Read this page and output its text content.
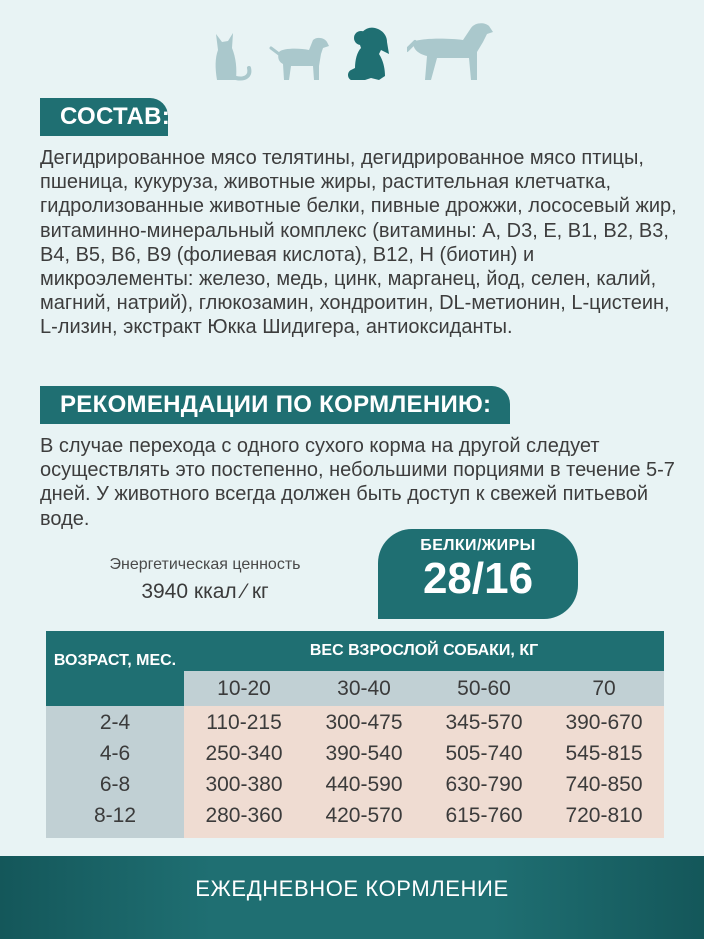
СОСТАВ:
Дегидрированное мясо телятины, дегидрированное мясо птицы, пшеница, кукуруза, животные жиры, растительная клетчатка, гидролизованные животные белки, пивные дрожжи, лососевый жир, витаминно-минеральный комплекс (витамины: А, D3, Е, В1, В2, В3, В4, В5, В6, В9 (фолиевая кислота), В12, Н (биотин) и микроэлементы: железо, медь, цинк, марганец, йод, селен, калий, магний, натрий), глюкозамин, хондроитин, DL-метионин, L-цистеин, L-лизин, экстракт Юкка Шидигера, антиоксиданты.
РЕКОМЕНДАЦИИ ПО КОРМЛЕНИЮ:
В случае перехода с одного сухого корма на другой следует осуществлять это постепенно, небольшими порциями в течение 5-7 дней. У животного всегда должен быть доступ к свежей питьевой воде.
Энергетическая ценность
3940 ккал ⁄ кг
БЕЛКИ/ЖИРЫ
28/16
ВОЗРАСТ, МЕС.
ВЕС ВЗРОСЛОЙ СОБАКИ, КГ
10-20	30-40	50-60	70
2-4	110-215	300-475	345-570	390-670
4-6	250-340	390-540	505-740	545-815
6-8	300-380	440-590	630-790	740-850
8-12	280-360	420-570	615-760	720-810
ЕЖЕДНЕВНОЕ КОРМЛЕНИЕ
